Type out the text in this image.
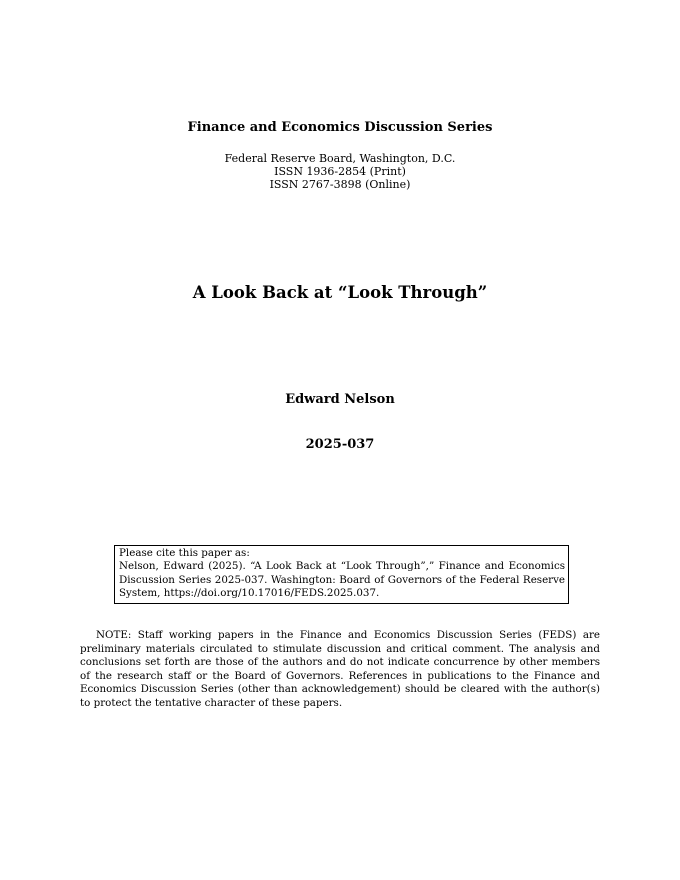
Finance and Economics Discussion Series
Federal Reserve Board, Washington, D.C.
ISSN 1936-2854 (Print)
ISSN 2767-3898 (Online)
A Look Back at “Look Through”
Edward Nelson
2025-037
Please cite this paper as:
Nelson, Edward (2025). “A Look Back at “Look Through”,” Finance and Economics Discussion Series 2025-037. Washington: Board of Governors of the Federal Reserve System, https://doi.org/10.17016/FEDS.2025.037.

NOTE: Staff working papers in the Finance and Economics Discussion Series (FEDS) are preliminary materials circulated to stimulate discussion and critical comment. The analysis and conclusions set forth are those of the authors and do not indicate concurrence by other members of the research staff or the Board of Governors. References in publications to the Finance and Economics Discussion Series (other than acknowledgement) should be cleared with the author(s) to protect the tentative character of these papers.
